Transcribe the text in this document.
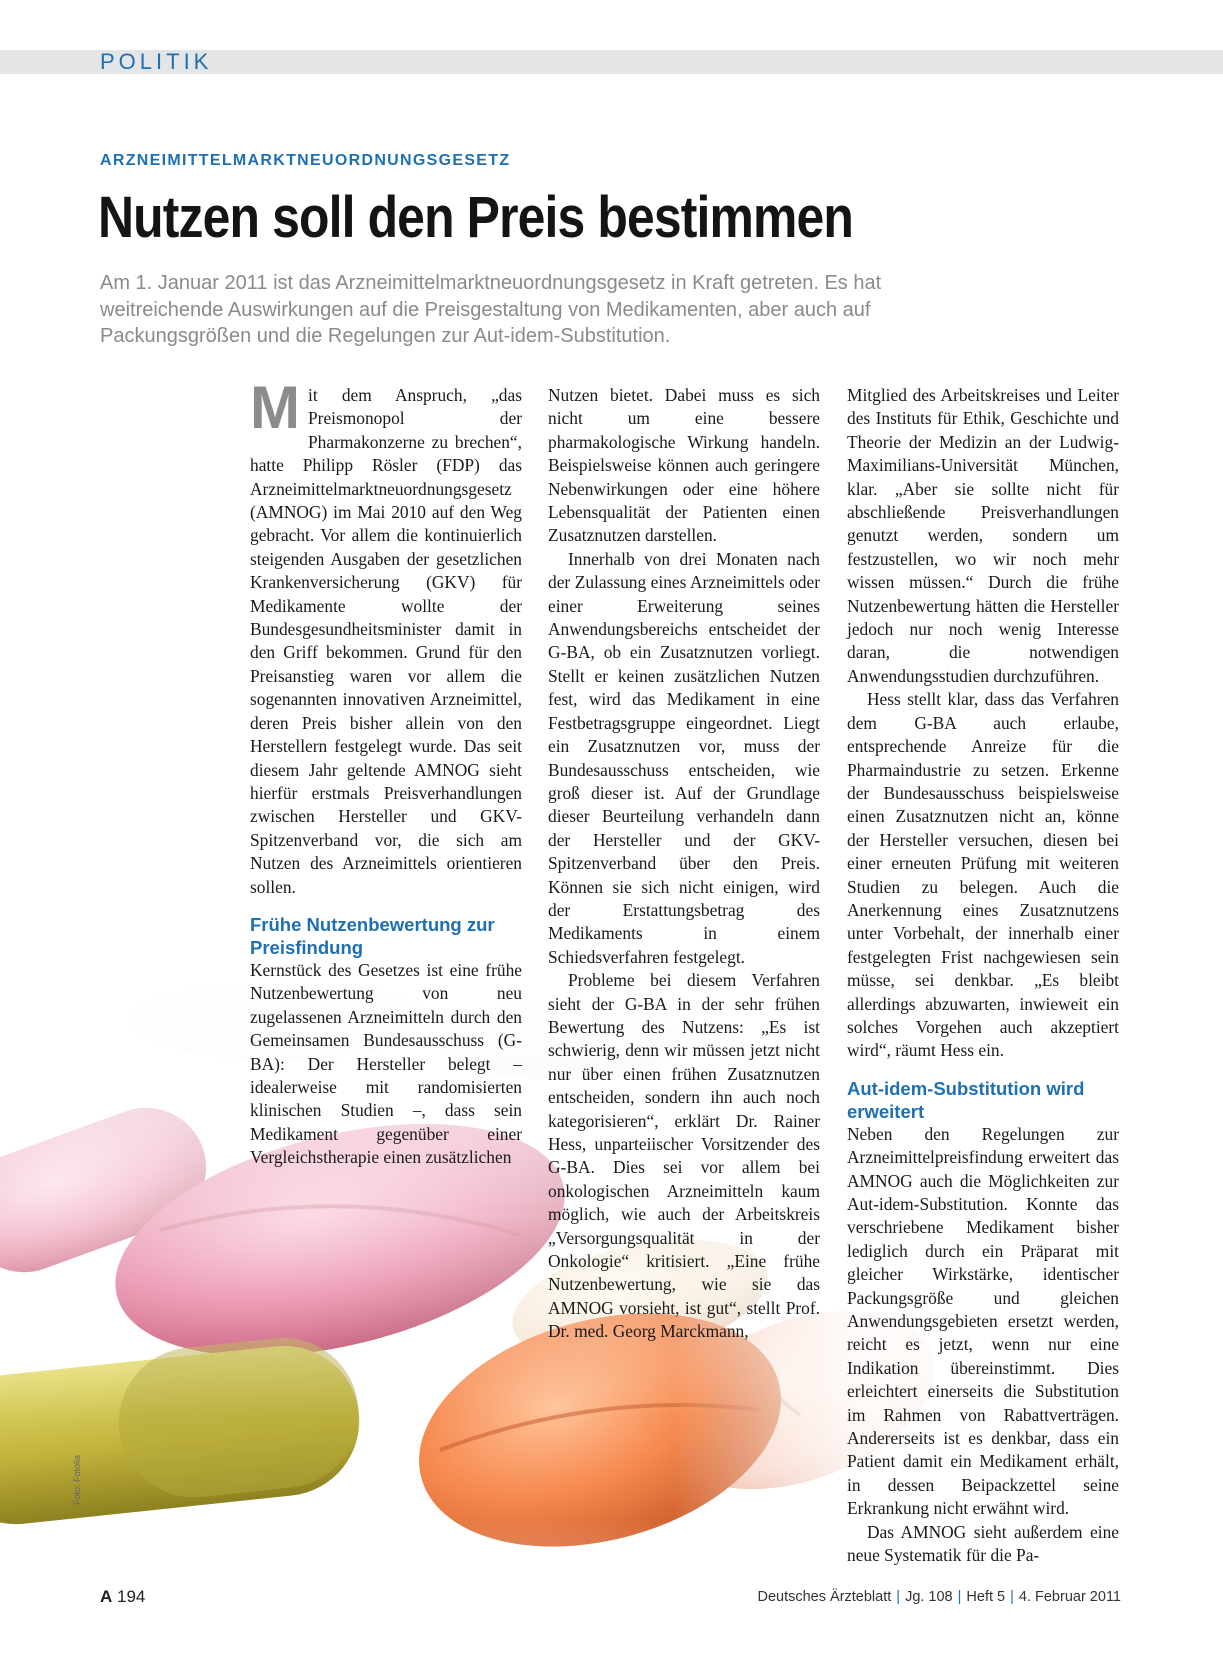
POLITIK
ARZNEIMITTELMARKTNEUORDNUNGSGESETZ
Nutzen soll den Preis bestimmen

Am 1. Januar 2011 ist das Arzneimittelmarktneuordnungsgesetz in Kraft getreten. Es hat weitreichende Auswirkungen auf die Preisgestaltung von Medikamenten, aber auch auf Packungsgrößen und die Regelungen zur Aut-idem-Substitution.

Mit dem Anspruch, „das Preismonopol der Pharmakonzerne zu brechen“, hatte Philipp Rösler (FDP) das Arzneimittelmarktneuordnungsgesetz (AMNOG) im Mai 2010 auf den Weg gebracht. Vor allem die kontinuierlich steigenden Ausgaben der gesetzlichen Krankenversicherung (GKV) für Medikamente wollte der Bundesgesundheitsminister damit in den Griff bekommen. Grund für den Preisanstieg waren vor allem die sogenannten innovativen Arzneimittel, deren Preis bisher allein von den Herstellern festgelegt wurde. Das seit diesem Jahr geltende AMNOG sieht hierfür erstmals Preisverhandlungen zwischen Hersteller und GKV-Spitzenverband vor, die sich am Nutzen des Arzneimittels orientieren sollen.

Frühe Nutzenbewertung zur Preisfindung

Kernstück des Gesetzes ist eine frühe Nutzenbewertung von neu zugelassenen Arzneimitteln durch den Gemeinsamen Bundesausschuss (G-BA): Der Hersteller belegt – idealerweise mit randomisierten klinischen Studien –, dass sein Medikament gegenüber einer Vergleichstherapie einen zusätzlichen

Nutzen bietet. Dabei muss es sich nicht um eine bessere pharmakologische Wirkung handeln. Beispielsweise können auch geringere Nebenwirkungen oder eine höhere Lebensqualität der Patienten einen Zusatznutzen darstellen.

Innerhalb von drei Monaten nach der Zulassung eines Arzneimittels oder einer Erweiterung seines Anwendungsbereichs entscheidet der G-BA, ob ein Zusatznutzen vorliegt. Stellt er keinen zusätzlichen Nutzen fest, wird das Medikament in eine Festbetragsgruppe eingeordnet. Liegt ein Zusatznutzen vor, muss der Bundesausschuss entscheiden, wie groß dieser ist. Auf der Grundlage dieser Beurteilung verhandeln dann der Hersteller und der GKV-Spitzenverband über den Preis. Können sie sich nicht einigen, wird der Erstattungsbetrag des Medikaments in einem Schiedsverfahren festgelegt.

Probleme bei diesem Verfahren sieht der G-BA in der sehr frühen Bewertung des Nutzens: „Es ist schwierig, denn wir müssen jetzt nicht nur über einen frühen Zusatznutzen entscheiden, sondern ihn auch noch kategorisieren“, erklärt Dr. Rainer Hess, unparteiischer Vorsitzender des G-BA. Dies sei vor allem bei onkologischen Arzneimitteln kaum möglich, wie auch der Arbeitskreis „Versorgungsqualität in der Onkologie“ kritisiert. „Eine frühe Nutzenbewertung, wie sie das AMNOG vorsieht, ist gut“, stellt Prof. Dr. med. Georg Marckmann,

Mitglied des Arbeitskreises und Leiter des Instituts für Ethik, Geschichte und Theorie der Medizin an der Ludwig-Maximilians-Universität München, klar. „Aber sie sollte nicht für abschließende Preisverhandlungen genutzt werden, sondern um festzustellen, wo wir noch mehr wissen müssen.“ Durch die frühe Nutzenbewertung hätten die Hersteller jedoch nur noch wenig Interesse daran, die notwendigen Anwendungsstudien durchzuführen.

Hess stellt klar, dass das Verfahren dem G-BA auch erlaube, entsprechende Anreize für die Pharmaindustrie zu setzen. Erkenne der Bundesausschuss beispielsweise einen Zusatznutzen nicht an, könne der Hersteller versuchen, diesen bei einer erneuten Prüfung mit weiteren Studien zu belegen. Auch die Anerkennung eines Zusatznutzens unter Vorbehalt, der innerhalb einer festgelegten Frist nachgewiesen sein müsse, sei denkbar. „Es bleibt allerdings abzuwarten, inwieweit ein solches Vorgehen auch akzeptiert wird“, räumt Hess ein.

Aut-idem-Substitution wird erweitert

Neben den Regelungen zur Arzneimittelpreisfindung erweitert das AMNOG auch die Möglichkeiten zur Aut-idem-Substitution. Konnte das verschriebene Medikament bisher lediglich durch ein Präparat mit gleicher Wirkstärke, identischer Packungsgröße und gleichen Anwendungsgebieten ersetzt werden, reicht es jetzt, wenn nur eine Indikation übereinstimmt. Dies erleichtert einerseits die Substitution im Rahmen von Rabattverträgen. Andererseits ist es denkbar, dass ein Patient damit ein Medikament erhält, in dessen Beipackzettel seine Erkrankung nicht erwähnt wird.

Das AMNOG sieht außerdem eine neue Systematik für die Pa-

Foto: Fotolia
A 194	Deutsches Ärzteblatt | Jg. 108 | Heft 5 | 4. Februar 2011
